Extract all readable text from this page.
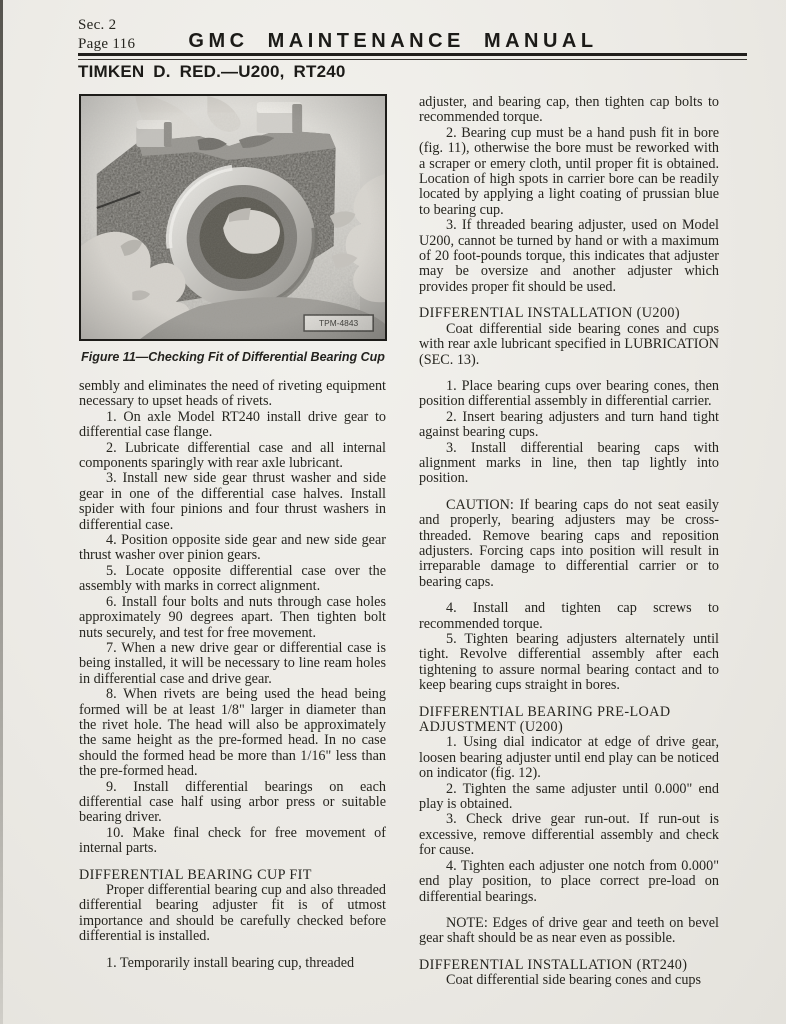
Sec. 2
Page 116	GMC MAINTENANCE MANUAL
TIMKEN D. RED.—U200, RT240
Figure 11—Checking Fit of Differential Bearing Cup

sembly and eliminates the need of riveting equipment necessary to upset heads of rivets.

1. On axle Model RT240 install drive gear to differential case flange.

2. Lubricate differential case and all internal components sparingly with rear axle lubricant.

3. Install new side gear thrust washer and side gear in one of the differential case halves. Install spider with four pinions and four thrust washers in differential case.

4. Position opposite side gear and new side gear thrust washer over pinion gears.

5. Locate opposite differential case over the assembly with marks in correct alignment.

6. Install four bolts and nuts through case holes approximately 90 degrees apart. Then tighten bolt nuts securely, and test for free movement.

7. When a new drive gear or differential case is being installed, it will be necessary to line ream holes in differential case and drive gear.

8. When rivets are being used the head being formed will be at least 1/8" larger in diameter than the rivet hole. The head will also be approximately the same height as the pre-formed head. In no case should the formed head be more than 1/16" less than the pre-formed head.

9. Install differential bearings on each differential case half using arbor press or suitable bearing driver.

10. Make final check for free movement of internal parts.

DIFFERENTIAL BEARING CUP FIT

Proper differential bearing cup and also threaded differential bearing adjuster fit is of utmost importance and should be carefully checked before differential is installed.

1. Temporarily install bearing cup, threaded

adjuster, and bearing cap, then tighten cap bolts to recommended torque.

2. Bearing cup must be a hand push fit in bore (fig. 11), otherwise the bore must be reworked with a scraper or emery cloth, until proper fit is obtained. Location of high spots in carrier bore can be readily located by applying a light coating of prussian blue to bearing cup.

3. If threaded bearing adjuster, used on Model U200, cannot be turned by hand or with a maximum of 20 foot-pounds torque, this indicates that adjuster may be oversize and another adjuster which provides proper fit should be used.

DIFFERENTIAL INSTALLATION (U200)

Coat differential side bearing cones and cups with rear axle lubricant specified in LUBRICATION (SEC. 13).

1. Place bearing cups over bearing cones, then position differential assembly in differential carrier.

2. Insert bearing adjusters and turn hand tight against bearing cups.

3. Install differential bearing caps with alignment marks in line, then tap lightly into position.

CAUTION: If bearing caps do not seat easily and properly, bearing adjusters may be cross-threaded. Remove bearing caps and reposition adjusters. Forcing caps into position will result in irreparable damage to differential carrier or to bearing caps.

4. Install and tighten cap screws to recommended torque.

5. Tighten bearing adjusters alternately until tight. Revolve differential assembly after each tightening to assure normal bearing contact and to keep bearing cups straight in bores.

DIFFERENTIAL BEARING PRE-LOAD ADJUSTMENT (U200)

1. Using dial indicator at edge of drive gear, loosen bearing adjuster until end play can be noticed on indicator (fig. 12).

2. Tighten the same adjuster until 0.000" end play is obtained.

3. Check drive gear run-out. If run-out is excessive, remove differential assembly and check for cause.

4. Tighten each adjuster one notch from 0.000" end play position, to place correct pre-load on differential bearings.

NOTE: Edges of drive gear and teeth on bevel gear shaft should be as near even as possible.

DIFFERENTIAL INSTALLATION (RT240)

Coat differential side bearing cones and cups
